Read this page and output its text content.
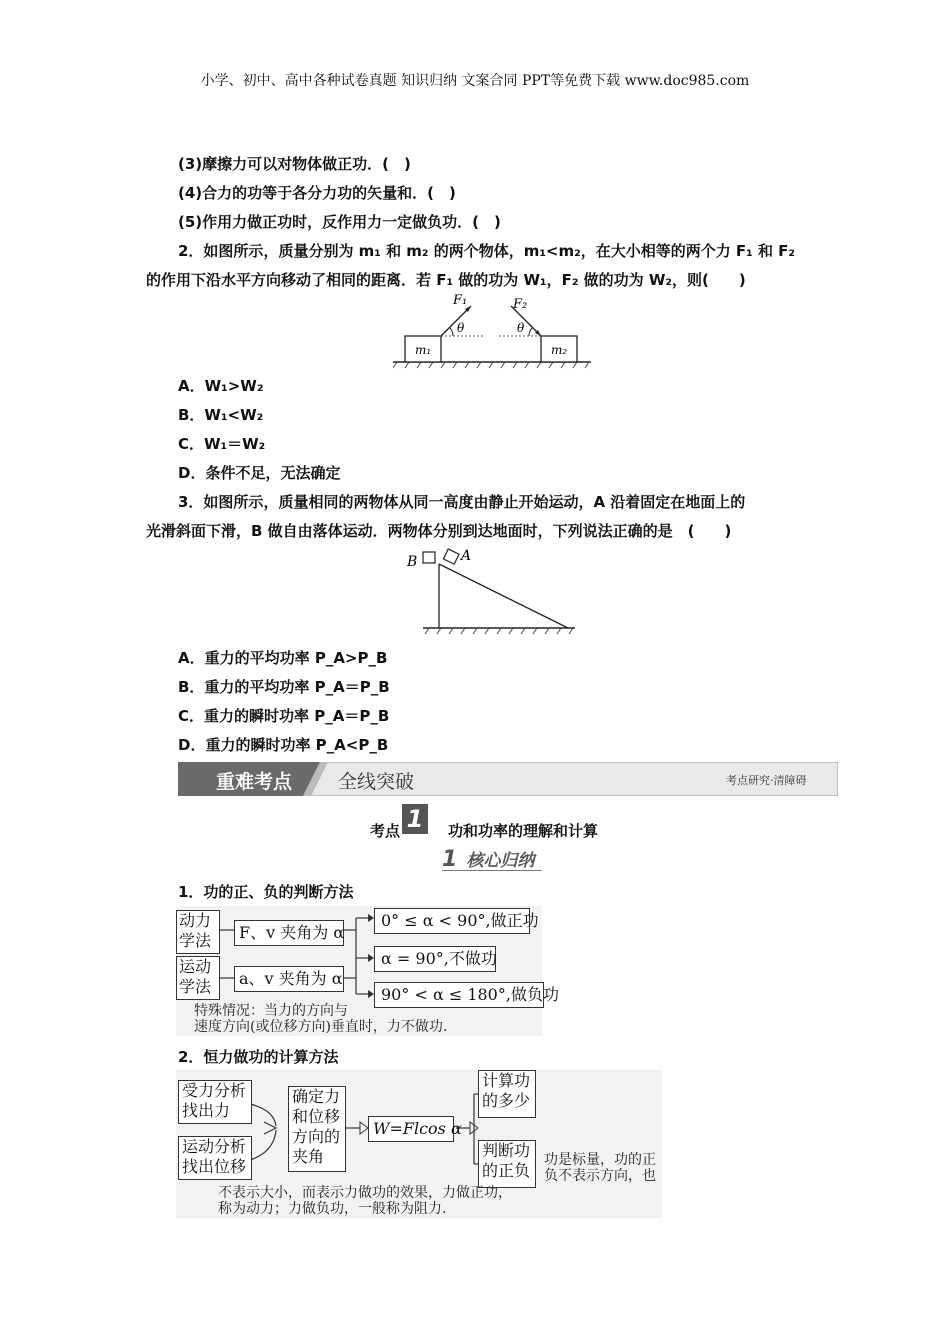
小学、初中、高中各种试卷真题 知识归纳 文案合同 PPT等免费下载 www.doc985.com
(3)摩擦力可以对物体做正功．(　)
(4)合力的功等于各分力功的矢量和．(　)
(5)作用力做正功时，反作用力一定做负功．(　)
2．如图所示，质量分别为 m₁ 和 m₂ 的两个物体，m₁<m₂，在大小相等的两个力 F₁ 和 F₂
的作用下沿水平方向移动了相同的距离．若 F₁ 做的功为 W₁，F₂ 做的功为 W₂，则(　　)
F₁	F₂
θ	θ
m₁	m₂
A．W₁>W₂
B．W₁<W₂
C．W₁＝W₂
D．条件不足，无法确定
3．如图所示，质量相同的两物体从同一高度由静止开始运动，A 沿着固定在地面上的
光滑斜面下滑，B 做自由落体运动．两物体分别到达地面时，下列说法正确的是　(　　)
B	A
A．重力的平均功率 P_A>P_B
B．重力的平均功率 P_A＝P_B
C．重力的瞬时功率 P_A＝P_B
D．重力的瞬时功率 P_A<P_B
重难考点 全线突破	考点研究·清障碍
考点 1	功和功率的理解和计算
1 核心归纳
1．功的正、负的判断方法
动力
学法	F、v 夹角为 α
运动
学法	a、v 夹角为 α
0° ≤ α < 90°,做正功
α = 90°,不做功
90° < α ≤ 180°,做负功
特殊情况：当力的方向与
速度方向(或位移方向)垂直时，力不做功.
2．恒力做功的计算方法
受力分析
找出力
运动分析
找出位移
确定力
和位移
方向的
夹角
W=Flcos α
计算功
的多少
判断功
的正负
功是标量，功的正
负不表示方向，也
不表示大小，而表示力做功的效果，力做正功，
称为动力；力做负功，一般称为阻力.
